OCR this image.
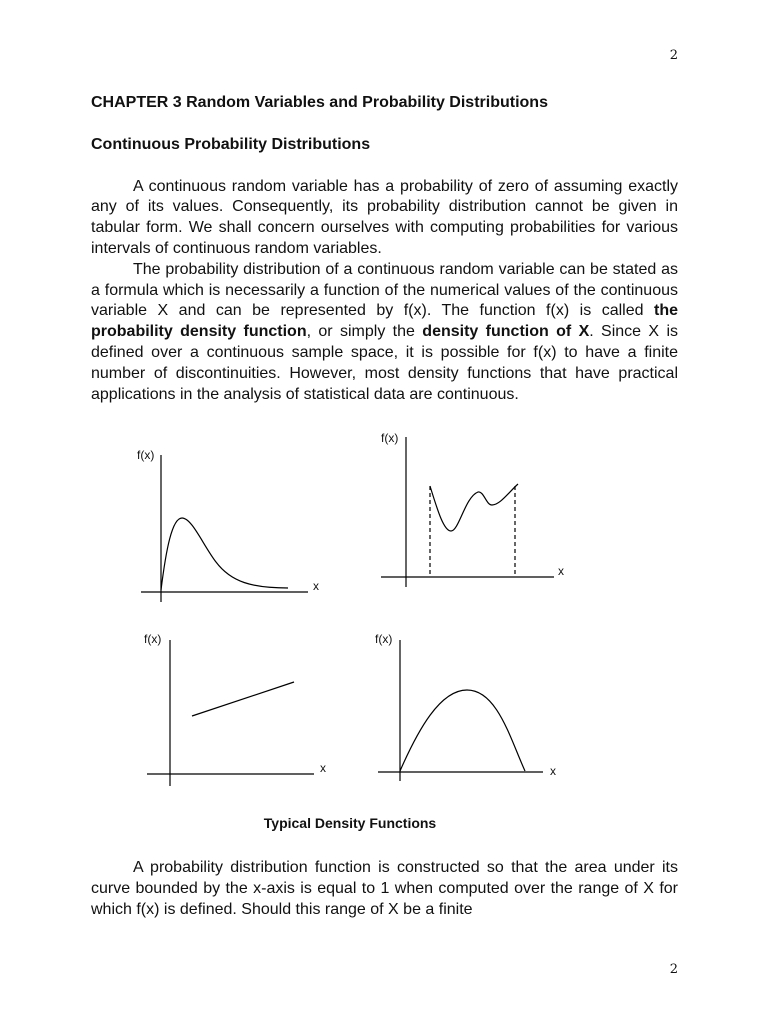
2

CHAPTER 3 Random Variables and Probability Distributions

Continuous Probability Distributions

A continuous random variable has a probability of zero of assuming exactly any of its values. Consequently, its probability distribution cannot be given in tabular form. We shall concern ourselves with computing probabilities for various intervals of continuous random variables.

The probability distribution of a continuous random variable can be stated as a formula which is necessarily a function of the numerical values of the continuous variable X and can be represented by f(x). The function f(x) is called the probability density function, or simply the density function of X. Since X is defined over a continuous sample space, it is possible for f(x) to have a finite number of discontinuities. However, most density functions that have practical applications in the analysis of statistical data are continuous.

f(x)
x
f(x)
x
f(x)
x
f(x)
x
Typical Density Functions

A probability distribution function is constructed so that the area under its curve bounded by the x-axis is equal to 1 when computed over the range of X for which f(x) is defined. Should this range of X be a finite

2
